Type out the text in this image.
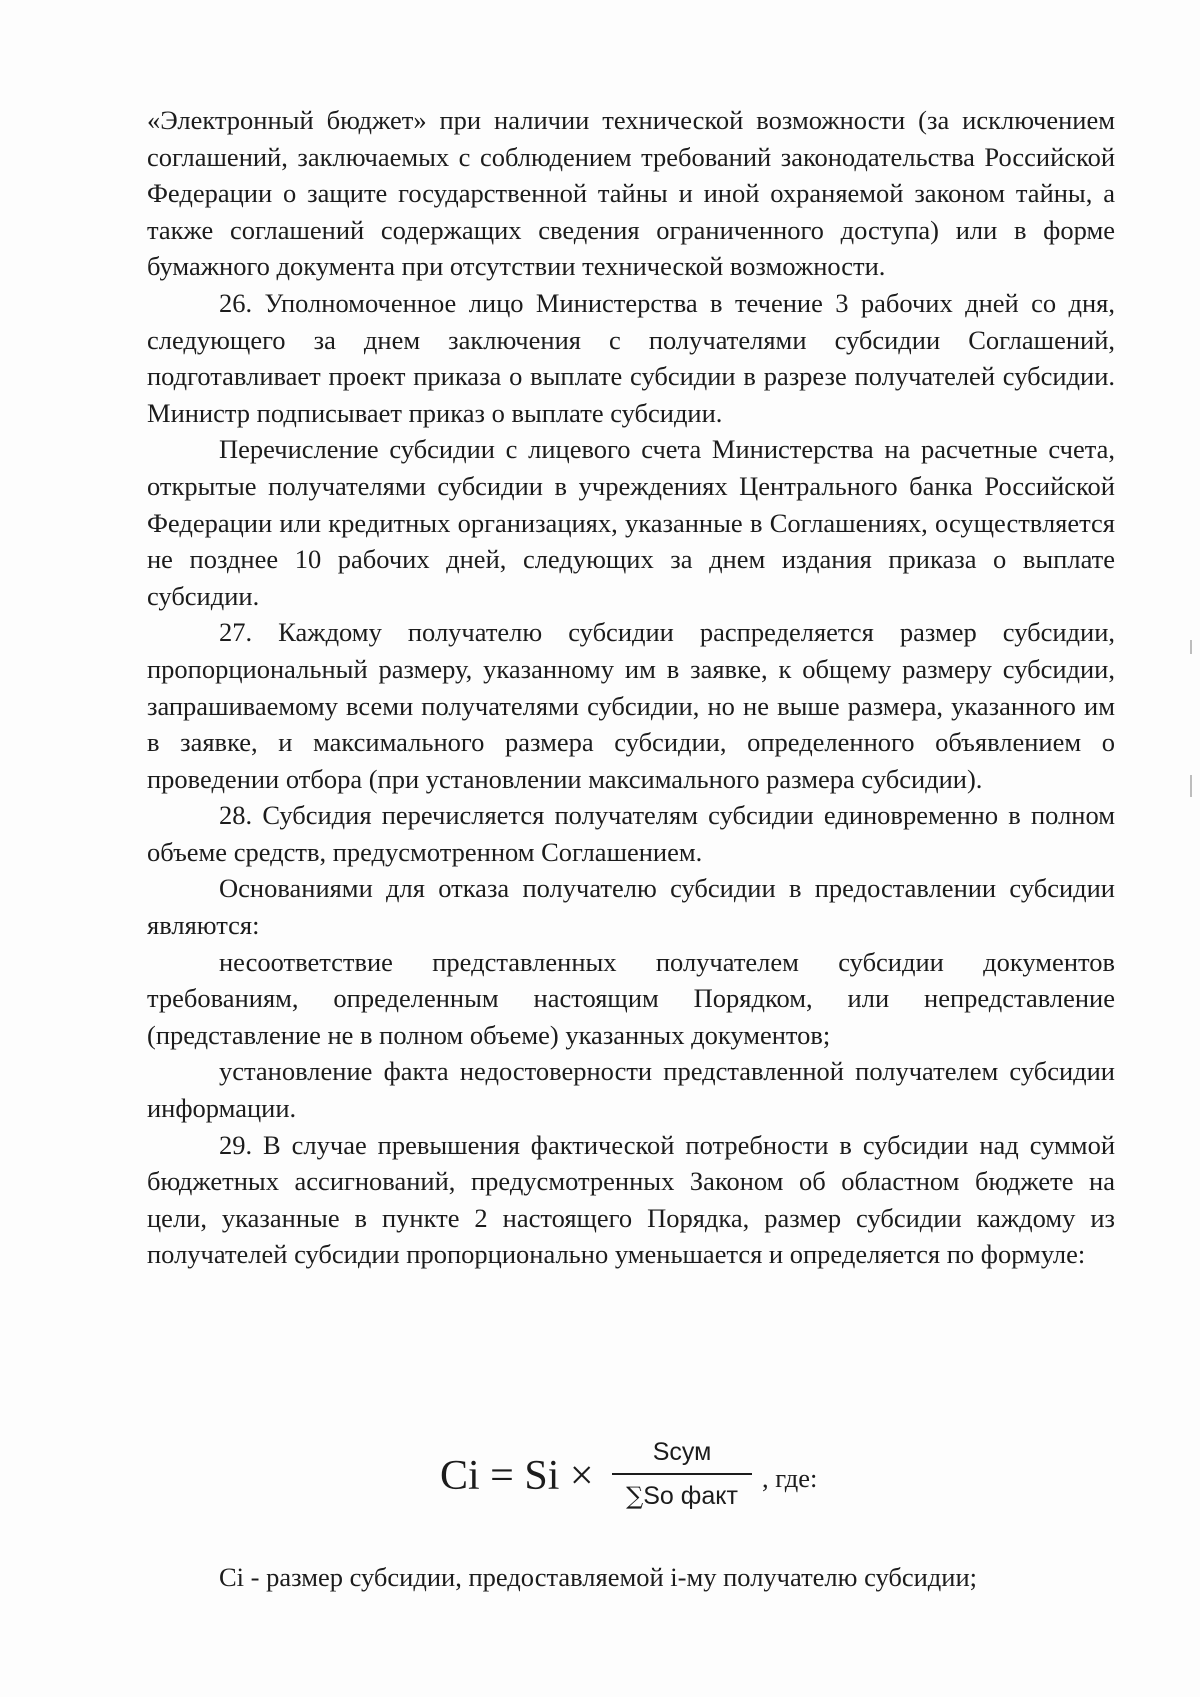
«Электронный бюджет» при наличии технической возможности (за исключением соглашений, заключаемых с соблюдением требований законодательства Российской Федерации о защите государственной тайны и иной охраняемой законом тайны, а также соглашений содержащих сведения ограниченного доступа) или в форме бумажного документа при отсутствии технической возможности.

26. Уполномоченное лицо Министерства в течение 3 рабочих дней со дня, следующего за днем заключения с получателями субсидии Соглашений, подготавливает проект приказа о выплате субсидии в разрезе получателей субсидии. Министр подписывает приказ о выплате субсидии.

Перечисление субсидии с лицевого счета Министерства на расчетные счета, открытые получателями субсидии в учреждениях Центрального банка Российской Федерации или кредитных организациях, указанные в Соглашениях, осуществляется не позднее 10 рабочих дней, следующих за днем издания приказа о выплате субсидии.

27. Каждому получателю субсидии распределяется размер субсидии, пропорциональный размеру, указанному им в заявке, к общему размеру субсидии, запрашиваемому всеми получателями субсидии, но не выше размера, указанного им в заявке, и максимального размера субсидии, определенного объявлением о проведении отбора (при установлении максимального размера субсидии).

28. Субсидия перечисляется получателям субсидии единовременно в полном объеме средств, предусмотренном Соглашением.

Основаниями для отказа получателю субсидии в предоставлении субсидии являются:

несоответствие представленных получателем субсидии документов требованиям, определенным настоящим Порядком, или непредставление (представление не в полном объеме) указанных документов;

установление факта недостоверности представленной получателем субсидии информации.

29. В случае превышения фактической потребности в субсидии над суммой бюджетных ассигнований, предусмотренных Законом об областном бюджете на цели, указанные в пункте 2 настоящего Порядка, размер субсидии каждому из получателей субсидии пропорционально уменьшается и определяется по формуле:

Ci = Si ×
Sсум
∑So факт
, где:
Ci - размер субсидии, предоставляемой i-му получателю субсидии;
